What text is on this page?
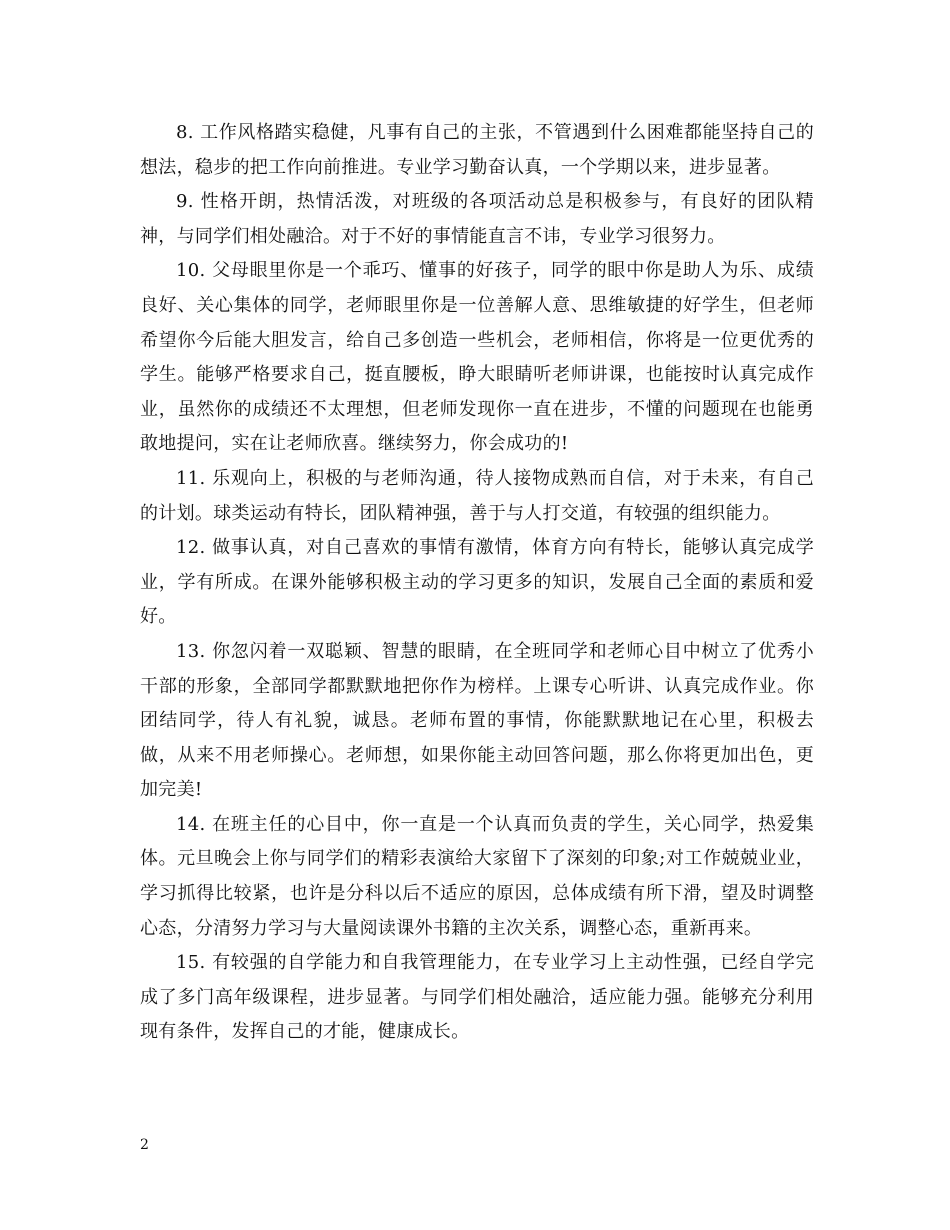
8. 工作风格踏实稳健，凡事有自己的主张，不管遇到什么困难都能坚持自己的想法，稳步的把工作向前推进。专业学习勤奋认真，一个学期以来，进步显著。

9. 性格开朗，热情活泼，对班级的各项活动总是积极参与，有良好的团队精神，与同学们相处融洽。对于不好的事情能直言不讳，专业学习很努力。

10. 父母眼里你是一个乖巧、懂事的好孩子，同学的眼中你是助人为乐、成绩良好、关心集体的同学，老师眼里你是一位善解人意、思维敏捷的好学生，但老师希望你今后能大胆发言，给自己多创造一些机会，老师相信，你将是一位更优秀的学生。能够严格要求自己，挺直腰板，睁大眼睛听老师讲课，也能按时认真完成作业，虽然你的成绩还不太理想，但老师发现你一直在进步，不懂的问题现在也能勇敢地提问，实在让老师欣喜。继续努力，你会成功的!

11. 乐观向上，积极的与老师沟通，待人接物成熟而自信，对于未来，有自己的计划。球类运动有特长，团队精神强，善于与人打交道，有较强的组织能力。

12. 做事认真，对自己喜欢的事情有激情，体育方向有特长，能够认真完成学业，学有所成。在课外能够积极主动的学习更多的知识，发展自己全面的素质和爱好。

13. 你忽闪着一双聪颖、智慧的眼睛，在全班同学和老师心目中树立了优秀小干部的形象，全部同学都默默地把你作为榜样。上课专心听讲、认真完成作业。你团结同学，待人有礼貌，诚恳。老师布置的事情，你能默默地记在心里，积极去做，从来不用老师操心。老师想，如果你能主动回答问题，那么你将更加出色，更加完美!

14. 在班主任的心目中，你一直是一个认真而负责的学生，关心同学，热爱集体。元旦晚会上你与同学们的精彩表演给大家留下了深刻的印象;对工作兢兢业业，学习抓得比较紧，也许是分科以后不适应的原因，总体成绩有所下滑，望及时调整心态，分清努力学习与大量阅读课外书籍的主次关系，调整心态，重新再来。

15. 有较强的自学能力和自我管理能力，在专业学习上主动性强，已经自学完成了多门高年级课程，进步显著。与同学们相处融洽，适应能力强。能够充分利用现有条件，发挥自己的才能，健康成长。

2
